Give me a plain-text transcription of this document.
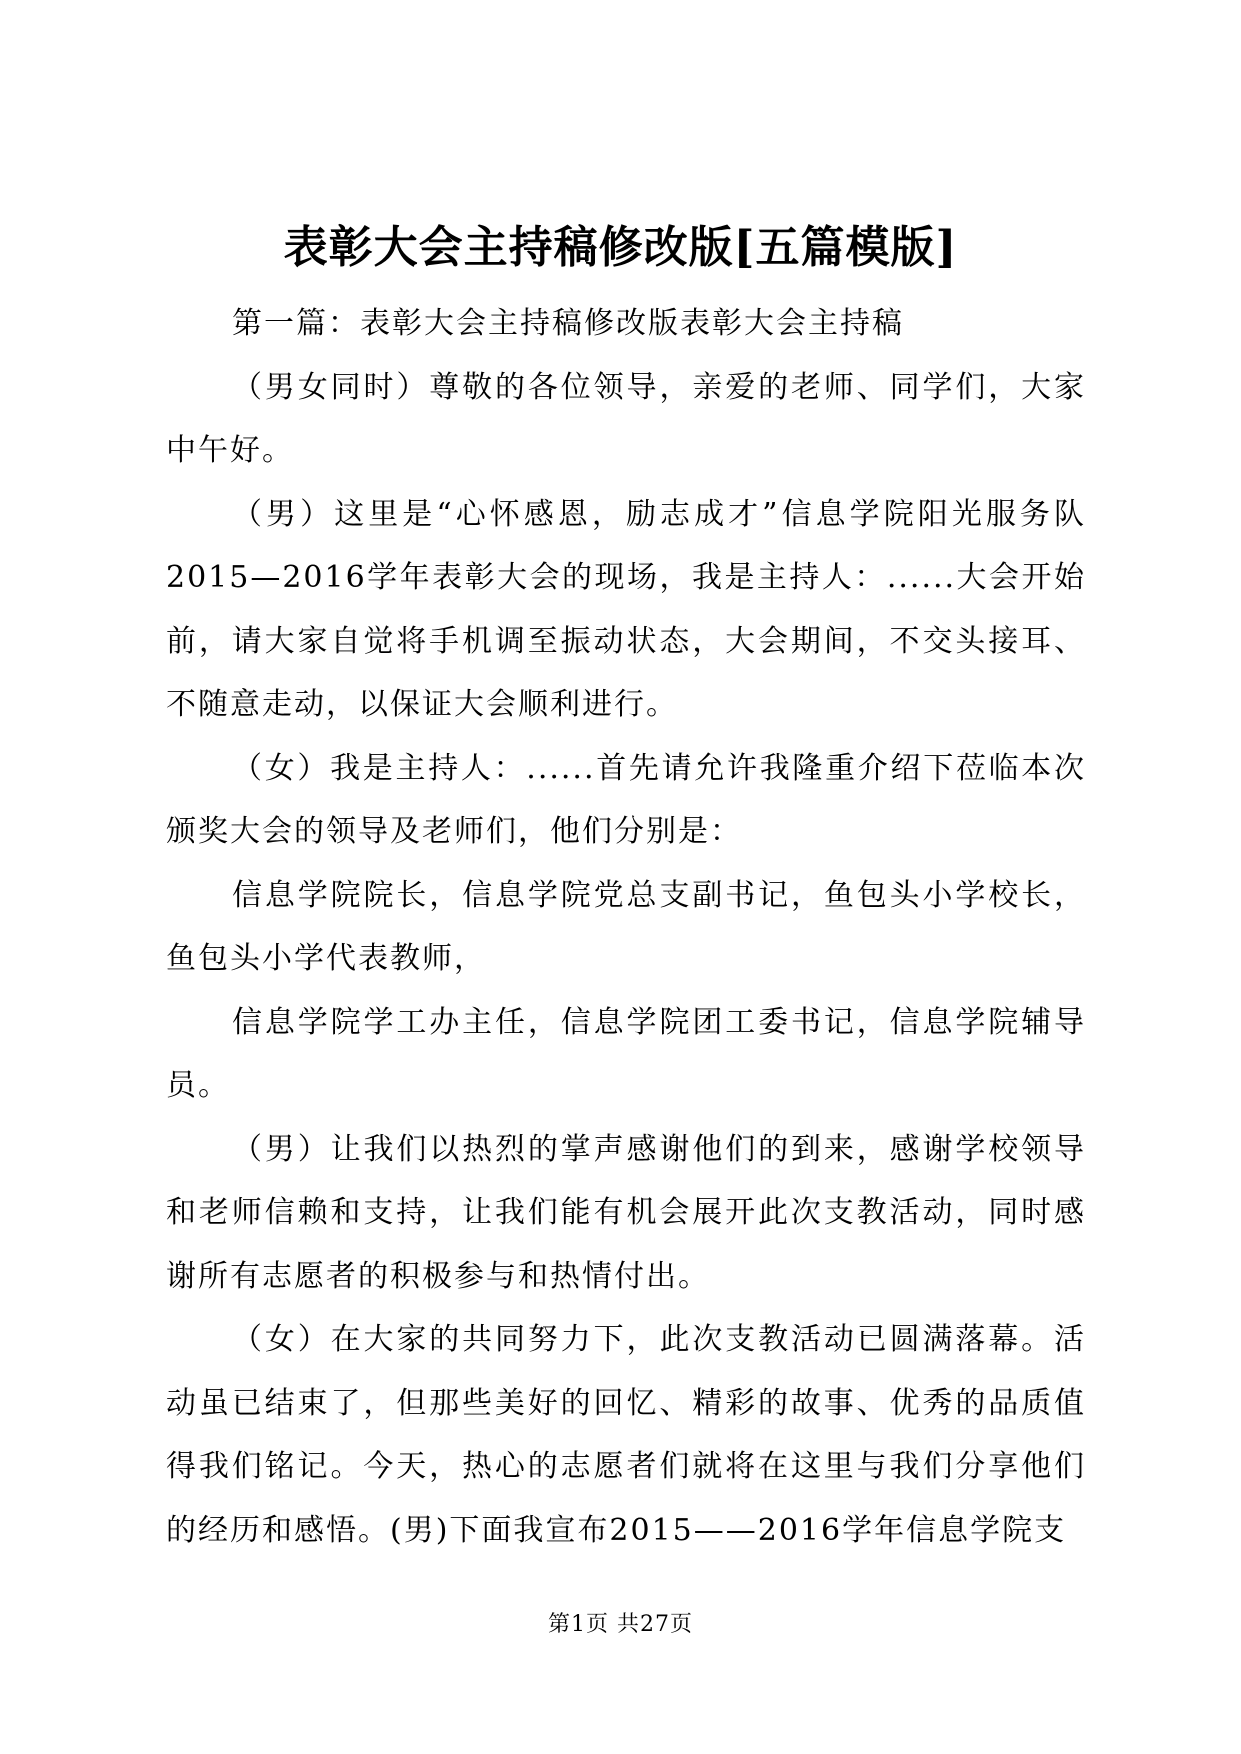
表彰大会主持稿修改版[五篇模版]

第一篇：表彰大会主持稿修改版表彰大会主持稿

（男女同时）尊敬的各位领导，亲爱的老师、同学们，大家中午好。

（男）这里是“心怀感恩，励志成才”信息学院阳光服务队2015—2016学年表彰大会的现场，我是主持人：......大会开始前，请大家自觉将手机调至振动状态，大会期间，不交头接耳、不随意走动，以保证大会顺利进行。

（女）我是主持人：......首先请允许我隆重介绍下莅临本次颁奖大会的领导及老师们，他们分别是：

信息学院院长，信息学院党总支副书记，鱼包头小学校长，鱼包头小学代表教师，

信息学院学工办主任，信息学院团工委书记，信息学院辅导员。

（男）让我们以热烈的掌声感谢他们的到来，感谢学校领导和老师信赖和支持，让我们能有机会展开此次支教活动，同时感谢所有志愿者的积极参与和热情付出。

（女）在大家的共同努力下，此次支教活动已圆满落幕。活动虽已结束了，但那些美好的回忆、精彩的故事、优秀的品质值得我们铭记。今天，热心的志愿者们就将在这里与我们分享他们的经历和感悟。(男)下面我宣布2015——2016学年信息学院支

第1页 共27页
